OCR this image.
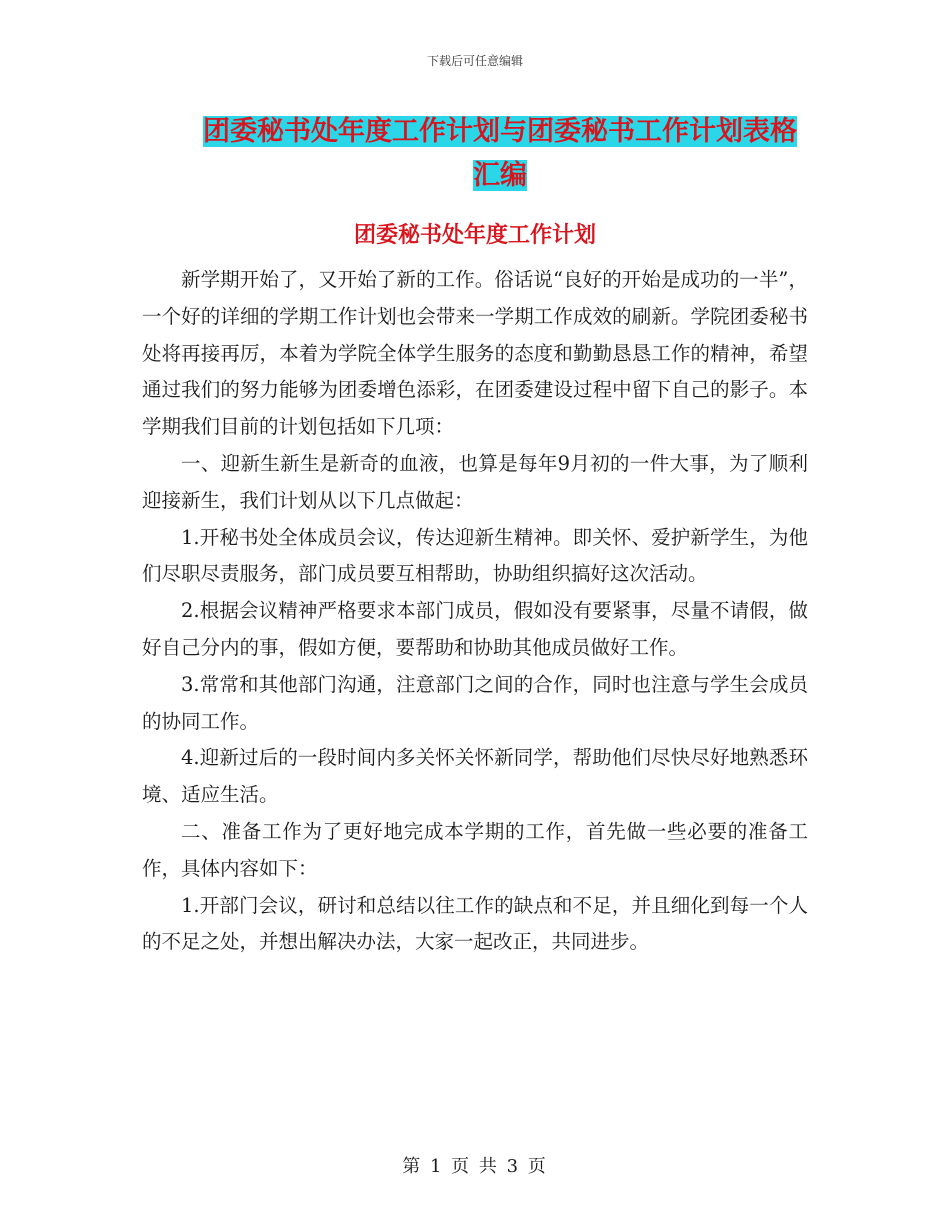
下载后可任意编辑
团委秘书处年度工作计划与团委秘书工作计划表格汇编
团委秘书处年度工作计划

新学期开始了，又开始了新的工作。俗话说“良好的开始是成功的一半”，一个好的详细的学期工作计划也会带来一学期工作成效的刷新。学院团委秘书处将再接再厉，本着为学院全体学生服务的态度和勤勤恳恳工作的精神，希望通过我们的努力能够为团委增色添彩，在团委建设过程中留下自己的影子。本学期我们目前的计划包括如下几项：

一、迎新生新生是新奇的血液，也算是每年9月初的一件大事，为了顺利迎接新生，我们计划从以下几点做起：

1.开秘书处全体成员会议，传达迎新生精神。即关怀、爱护新学生，为他们尽职尽责服务，部门成员要互相帮助，协助组织搞好这次活动。

2.根据会议精神严格要求本部门成员，假如没有要紧事，尽量不请假，做好自己分内的事，假如方便，要帮助和协助其他成员做好工作。

3.常常和其他部门沟通，注意部门之间的合作，同时也注意与学生会成员的协同工作。

4.迎新过后的一段时间内多关怀关怀新同学，帮助他们尽快尽好地熟悉环境、适应生活。

二、准备工作为了更好地完成本学期的工作，首先做一些必要的准备工作，具体内容如下：

1.开部门会议，研讨和总结以往工作的缺点和不足，并且细化到每一个人的不足之处，并想出解决办法，大家一起改正，共同进步。

第 1 页 共 3 页
